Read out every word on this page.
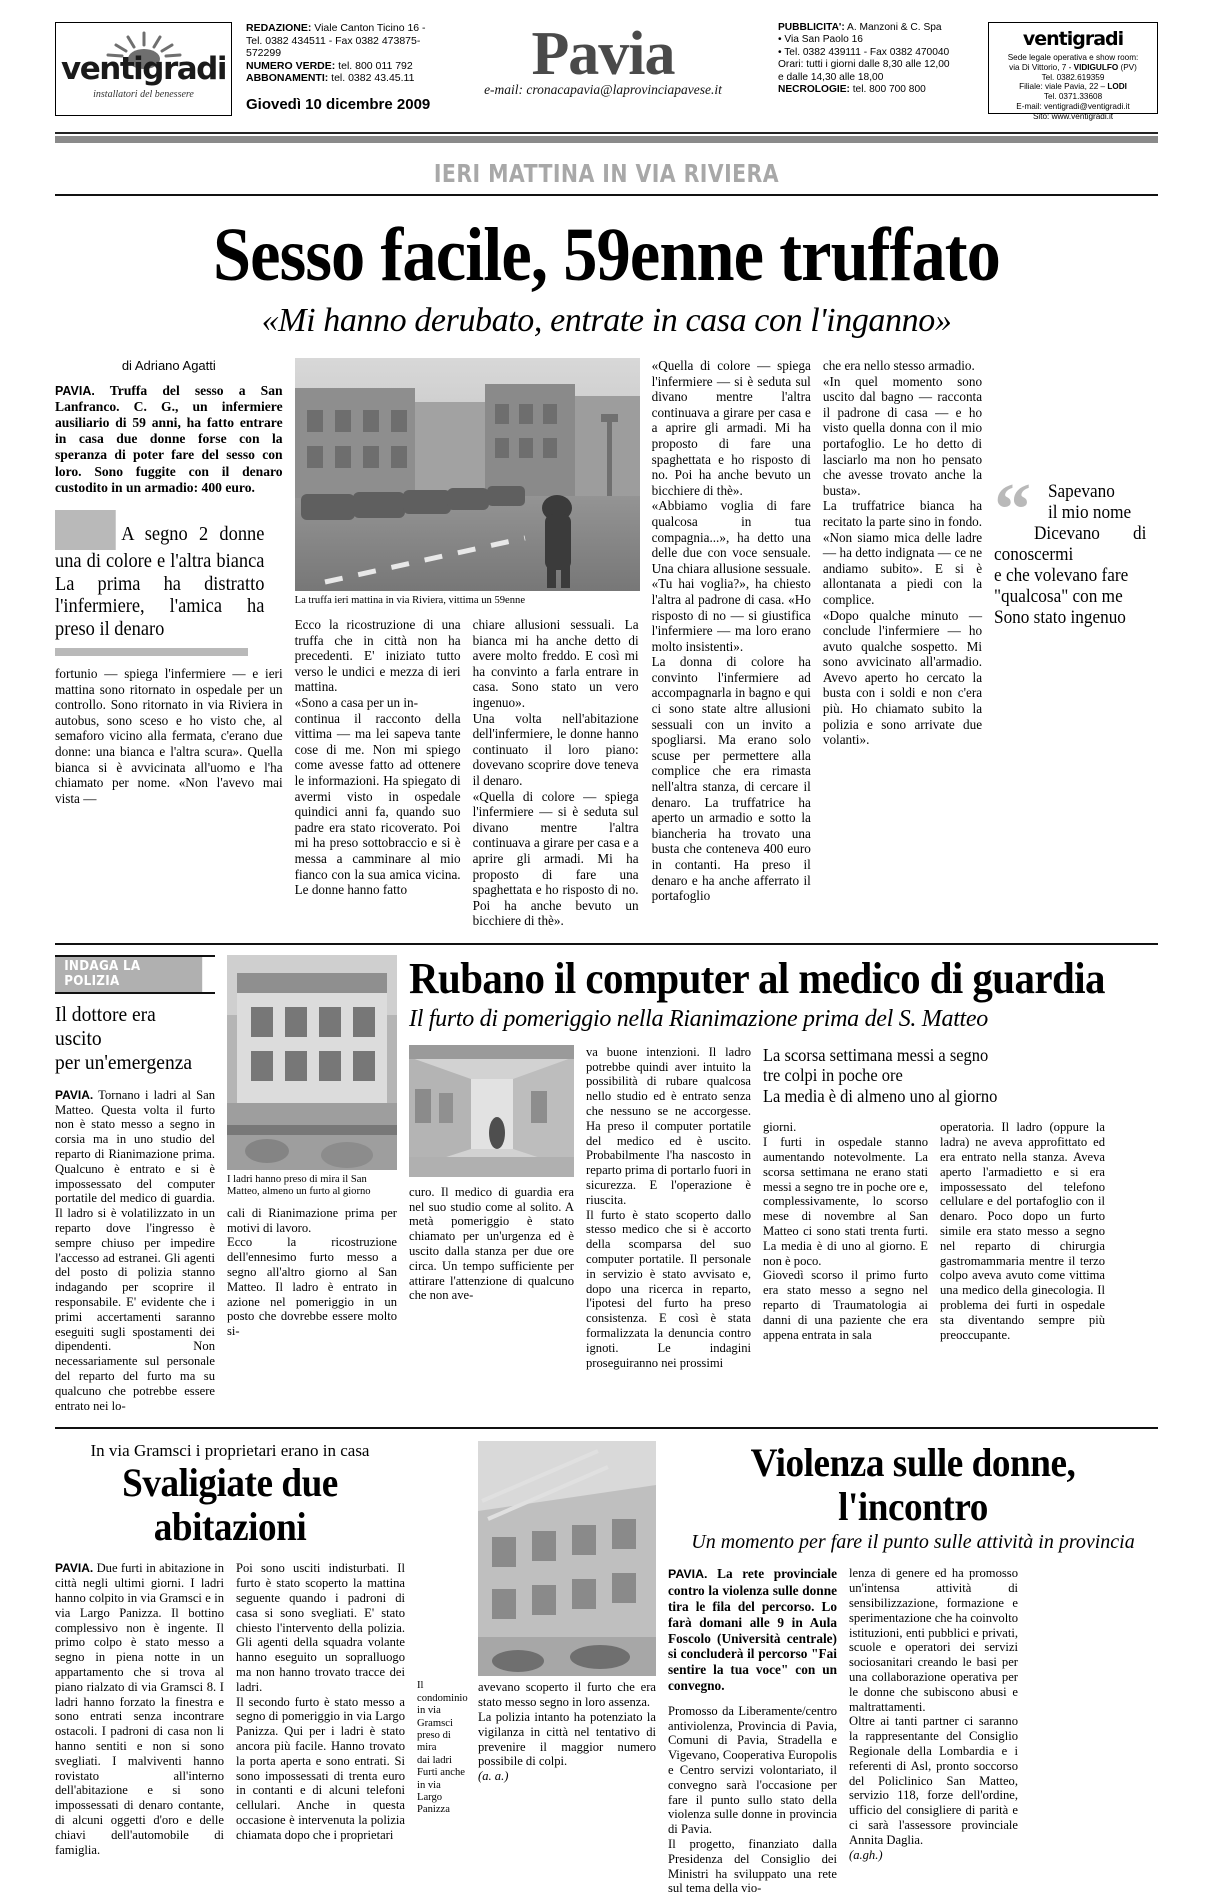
ventigradi
installatori del benessere
REDAZIONE: Viale Canton Ticino 16 - Tel. 0382 434511 - Fax 0382 473875-572299
NUMERO VERDE: tel. 800 011 792
ABBONAMENTI: tel. 0382 43.45.11
Giovedì 10 dicembre 2009
Pavia
e-mail: cronacapavia@laprovinciapavese.it
PUBBLICITA': A. Manzoni & C. Spa
• Via San Paolo 16
• Tel. 0382 439111 - Fax 0382 470040
Orari: tutti i giorni dalle 8,30 alle 12,00
e dalle 14,30 alle 18,00
NECROLOGIE: tel. 800 700 800
ventigradi
Sede legale operativa e show room:
via Di Vittorio, 7 - VIDIGULFO (PV)
Tel. 0382.619359
Filiale: viale Pavia, 22 – LODI
Tel. 0371.33608
E-mail: ventigradi@ventigradi.it
Sito: www.ventigradi.it
IERI MATTINA IN VIA RIVIERA
Sesso facile, 59enne truffato
«Mi hanno derubato, entrate in casa con l'inganno»
di Adriano Agatti
PAVIA. Truffa del sesso a San Lanfranco. C. G., un infermiere ausiliario di 59 anni, ha fatto entrare in casa due donne forse con la speranza di poter fare del sesso con loro. Sono fuggite con il denaro custodito in un armadio: 400 euro.
A segno 2 donne una di colore e l'altra bianca La prima ha distratto l'infermiere, l'amica ha preso il denaro
fortunio — spiega l'infermiere — e ieri mattina sono ritornato in ospedale per un controllo. Sono ritornato in via Riviera in autobus, sono sceso e ho visto che, al semaforo vicino alla fermata, c'erano due donne: una bianca e l'altra scura». Quella bianca si è avvicinata all'uomo e l'ha chiamato per nome. «Non l'avevo mai vista —
La truffa ieri mattina in via Riviera, vittima un 59enne
Ecco la ricostruzione di una truffa che in città non ha precedenti. E' iniziato tutto verso le undici e mezza di ieri mattina.
«Sono a casa per un in-
continua il racconto della vittima — ma lei sapeva tante cose di me. Non mi spiego come avesse fatto ad ottenere le informazioni. Ha spiegato di avermi visto in ospedale quindici anni fa, quando suo padre era stato ricoverato. Poi mi ha preso sottobraccio e si è messa a camminare al mio fianco con la sua amica vicina. Le donne hanno fatto
chiare allusioni sessuali. La bianca mi ha anche detto di avere molto freddo. E così mi ha convinto a farla entrare in casa. Sono stato un vero ingenuo».
Una volta nell'abitazione dell'infermiere, le donne hanno continuato il loro piano: dovevano scoprire dove teneva il denaro.
«Quella di colore — spiega l'infermiere — si è seduta sul divano mentre l'altra continuava a girare per casa e a aprire gli armadi. Mi ha proposto di fare una spaghettata e ho risposto di no. Poi ha anche bevuto un bicchiere di thè».
«Quella di colore — spiega l'infermiere — si è seduta sul divano mentre l'altra continuava a girare per casa e a aprire gli armadi. Mi ha proposto di fare una spaghettata e ho risposto di no. Poi ha anche bevuto un bicchiere di thè».
«Abbiamo voglia di fare qualcosa in tua compagnia...», ha detto una delle due con voce sensuale. Una chiara allusione sessuale. «Tu hai voglia?», ha chiesto l'altra al padrone di casa. «Ho risposto di no — si giustifica l'infermiere — ma loro erano molto insistenti».
La donna di colore ha convinto l'infermiere ad accompagnarla in bagno e qui ci sono state altre allusioni sessuali con un invito a spogliarsi. Ma erano solo scuse per permettere alla complice che era rimasta nell'altra stanza, di cercare il denaro. La truffatrice ha aperto un armadio e sotto la biancheria ha trovato una busta che conteneva 400 euro in contanti. Ha preso il denaro e ha anche afferrato il portafoglio
che era nello stesso armadio.
«In quel momento sono uscito dal bagno — racconta il padrone di casa — e ho visto quella donna con il mio portafoglio. Le ho detto di lasciarlo ma non ho pensato che avesse trovato anche la busta».
La truffatrice bianca ha recitato la parte sino in fondo. «Non siamo mica delle ladre — ha detto indignata — ce ne andiamo subito». E si è allontanata a piedi con la complice.
«Dopo qualche minuto — conclude l'infermiere — ho avuto qualche sospetto. Mi sono avvicinato all'armadio. Avevo aperto ho cercato la busta con i soldi e non c'era più. Ho chiamato subito la polizia e sono arrivate due volanti».
“ Sapevano
il mio nome
Dicevano di conoscermi
e che volevano fare
"qualcosa" con me
Sono stato ingenuo
INDAGA LA POLIZIA
Il dottore era uscito
per un'emergenza
PAVIA. Tornano i ladri al San Matteo. Questa volta il furto non è stato messo a segno in corsia ma in uno studio del reparto di Rianimazione prima. Qualcuno è entrato e si è impossessato del computer portatile del medico di guardia. Il ladro si è volatilizzato in un reparto dove l'ingresso è sempre chiuso per impedire l'accesso ad estranei. Gli agenti del posto di polizia stanno indagando per scoprire il responsabile. E' evidente che i primi accertamenti saranno eseguiti sugli spostamenti dei dipendenti. Non necessariamente sul personale del reparto del furto ma su qualcuno che potrebbe essere entrato nei lo-
I ladri hanno preso di mira il San Matteo, almeno un furto al giorno
cali di Rianimazione prima per motivi di lavoro.
Ecco la ricostruzione dell'ennesimo furto messo a segno all'altro giorno al San Matteo. Il ladro è entrato in azione nel pomeriggio in un posto che dovrebbe essere molto si-
Rubano il computer al medico di guardia
Il furto di pomeriggio nella Rianimazione prima del S. Matteo
curo. Il medico di guardia era nel suo studio come al solito. A metà pomeriggio è stato chiamato per un'urgenza ed è uscito dalla stanza per due ore circa. Un tempo sufficiente per attirare l'attenzione di qualcuno che non ave-
va buone intenzioni. Il ladro potrebbe quindi aver intuito la possibilità di rubare qualcosa nello studio ed è entrato senza che nessuno se ne accorgesse. Ha preso il computer portatile del medico ed è uscito. Probabilmente l'ha nascosto in reparto prima di portarlo fuori in sicurezza. E l'operazione è riuscita.
Il furto è stato scoperto dallo stesso medico che si è accorto della scomparsa del suo computer portatile. Il personale in servizio è stato avvisato e, dopo una ricerca in reparto, l'ipotesi del furto ha preso consistenza. E così è stata formalizzata la denuncia contro ignoti. Le indagini proseguiranno nei prossimi
La scorsa settimana messi a segno
tre colpi in poche ore
La media è di almeno uno al giorno
giorni.
I furti in ospedale stanno aumentando notevolmente. La scorsa settimana ne erano stati messi a segno tre in poche ore e, complessivamente, lo scorso mese di novembre al San Matteo ci sono stati trenta furti. La media è di uno al giorno. E non è poco.
Giovedì scorso il primo furto era stato messo a segno nel reparto di Traumatologia ai danni di una paziente che era appena entrata in sala
operatoria. Il ladro (oppure la ladra) ne aveva approfittato ed era entrato nella stanza. Aveva aperto l'armadietto e si era impossessato del telefono cellulare e del portafoglio con il denaro. Poco dopo un furto simile era stato messo a segno nel reparto di chirurgia gastromammaria mentre il terzo colpo aveva avuto come vittima una medico della ginecologia. Il problema dei furti in ospedale sta diventando sempre più preoccupante.
In via Gramsci i proprietari erano in casa
Svaligiate due abitazioni
PAVIA. Due furti in abitazione in città negli ultimi giorni. I ladri hanno colpito in via Gramsci e in via Largo Panizza. Il bottino complessivo non è ingente. Il primo colpo è stato messo a segno in piena notte in un appartamento che si trova al piano rialzato di via Gramsci 8. I ladri hanno forzato la finestra e sono entrati senza incontrare ostacoli. I padroni di casa non li hanno sentiti e non si sono svegliati. I malviventi hanno rovistato all'interno dell'abitazione e si sono impossessati di denaro contante, di alcuni oggetti d'oro e delle chiavi dell'automobile di famiglia.
Poi sono usciti indisturbati. Il furto è stato scoperto la mattina seguente quando i padroni di casa si sono svegliati. E' stato chiesto l'intervento della polizia. Gli agenti della squadra volante hanno eseguito un sopralluogo ma non hanno trovato tracce dei ladri.
Il secondo furto è stato messo a segno di pomeriggio in via Largo Panizza. Qui per i ladri è stato ancora più facile. Hanno trovato la porta aperta e sono entrati. Si sono impossessati di trenta euro in contanti e di alcuni telefoni cellulari. Anche in questa occasione è intervenuta la polizia chiamata dopo che i proprietari
Il condominio
in via Gramsci
preso di mira
dai ladri
Furti anche
in via
Largo
Panizza
avevano scoperto il furto che era stato messo segno in loro assenza.
La polizia intanto ha potenziato la vigilanza in città nel tentativo di prevenire il maggior numero possibile di colpi.
(a. a.)
Violenza sulle donne, l'incontro
Un momento per fare il punto sulle attività in provincia
PAVIA. La rete provinciale contro la violenza sulle donne tira le fila del percorso. Lo farà domani alle 9 in Aula Foscolo (Università centrale) si concluderà il percorso "Fai sentire la tua voce" con un convegno.
Promosso da Liberamente/centro antiviolenza, Provincia di Pavia, Comuni di Pavia, Stradella e Vigevano, Cooperativa Europolis e Centro servizi volontariato, il convegno sarà l'occasione per fare il punto sullo stato della violenza sulle donne in provincia di Pavia.
Il progetto, finanziato dalla Presidenza del Consiglio dei Ministri ha sviluppato una rete sul tema della vio-
lenza di genere ed ha promosso un'intensa attività di sensibilizzazione, formazione e sperimentazione che ha coinvolto istituzioni, enti pubblici e privati, scuole e operatori dei servizi sociosanitari creando le basi per una collaborazione operativa per le donne che subiscono abusi e maltrattamenti.
Oltre ai tanti partner ci saranno la rappresentante del Consiglio Regionale della Lombardia e i referenti di Asl, pronto soccorso del Policlinico San Matteo, servizio 118, forze dell'ordine, ufficio del consigliere di parità e ci sarà l'assessore provinciale Annita Daglia.
(a.gh.)
